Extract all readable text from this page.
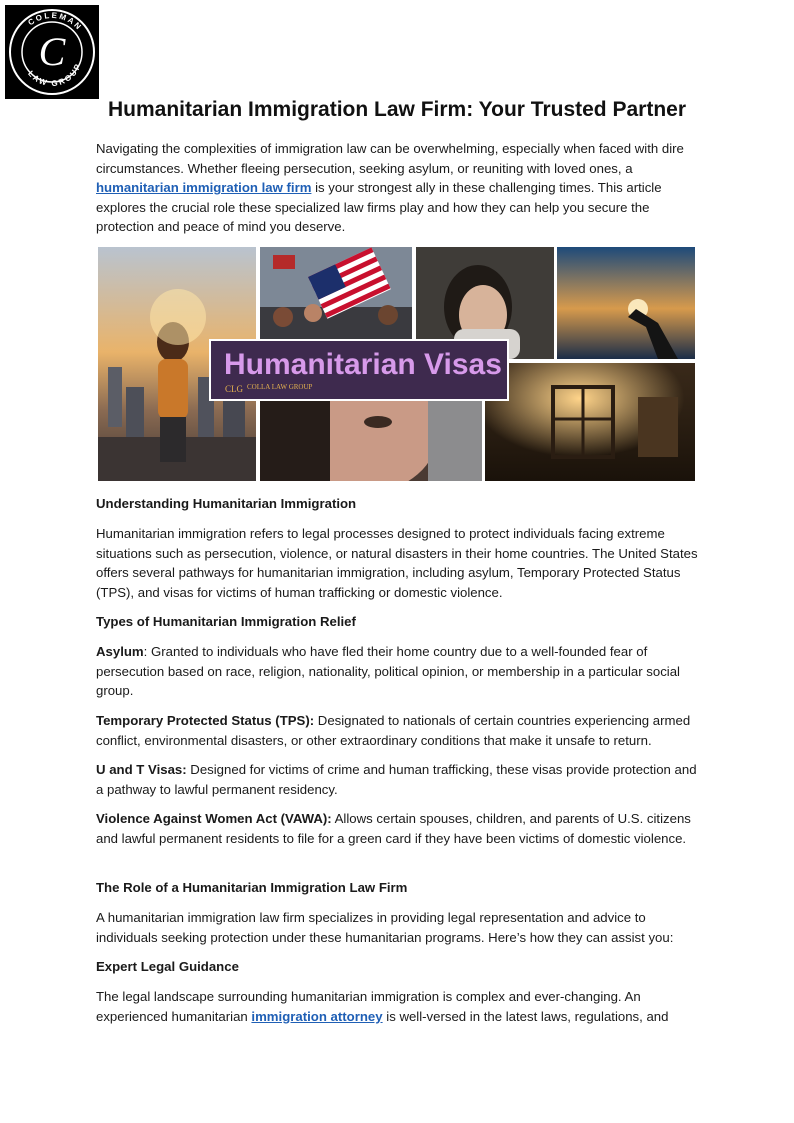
COLEMAN
LAW GROUP
C
Humanitarian Immigration Law Firm: Your Trusted Partner

Navigating the complexities of immigration law can be overwhelming, especially when faced with dire circumstances. Whether fleeing persecution, seeking asylum, or reuniting with loved ones, a humanitarian immigration law firm is your strongest ally in these challenging times. This article explores the crucial role these specialized law firms play and how they can help you secure the protection and peace of mind you deserve.

Humanitarian Visas
CLG COLLA LAW GROUP

Understanding Humanitarian Immigration

Humanitarian immigration refers to legal processes designed to protect individuals facing extreme situations such as persecution, violence, or natural disasters in their home countries. The United States offers several pathways for humanitarian immigration, including asylum, Temporary Protected Status (TPS), and visas for victims of human trafficking or domestic violence.

Types of Humanitarian Immigration Relief

Asylum: Granted to individuals who have fled their home country due to a well-founded fear of persecution based on race, religion, nationality, political opinion, or membership in a particular social group.

Temporary Protected Status (TPS): Designated to nationals of certain countries experiencing armed conflict, environmental disasters, or other extraordinary conditions that make it unsafe to return.

U and T Visas: Designed for victims of crime and human trafficking, these visas provide protection and a pathway to lawful permanent residency.

Violence Against Women Act (VAWA): Allows certain spouses, children, and parents of U.S. citizens and lawful permanent residents to file for a green card if they have been victims of domestic violence.

The Role of a Humanitarian Immigration Law Firm

A humanitarian immigration law firm specializes in providing legal representation and advice to individuals seeking protection under these humanitarian programs. Here’s how they can assist you:

Expert Legal Guidance

The legal landscape surrounding humanitarian immigration is complex and ever-changing. An experienced humanitarian immigration attorney is well-versed in the latest laws, regulations, and
